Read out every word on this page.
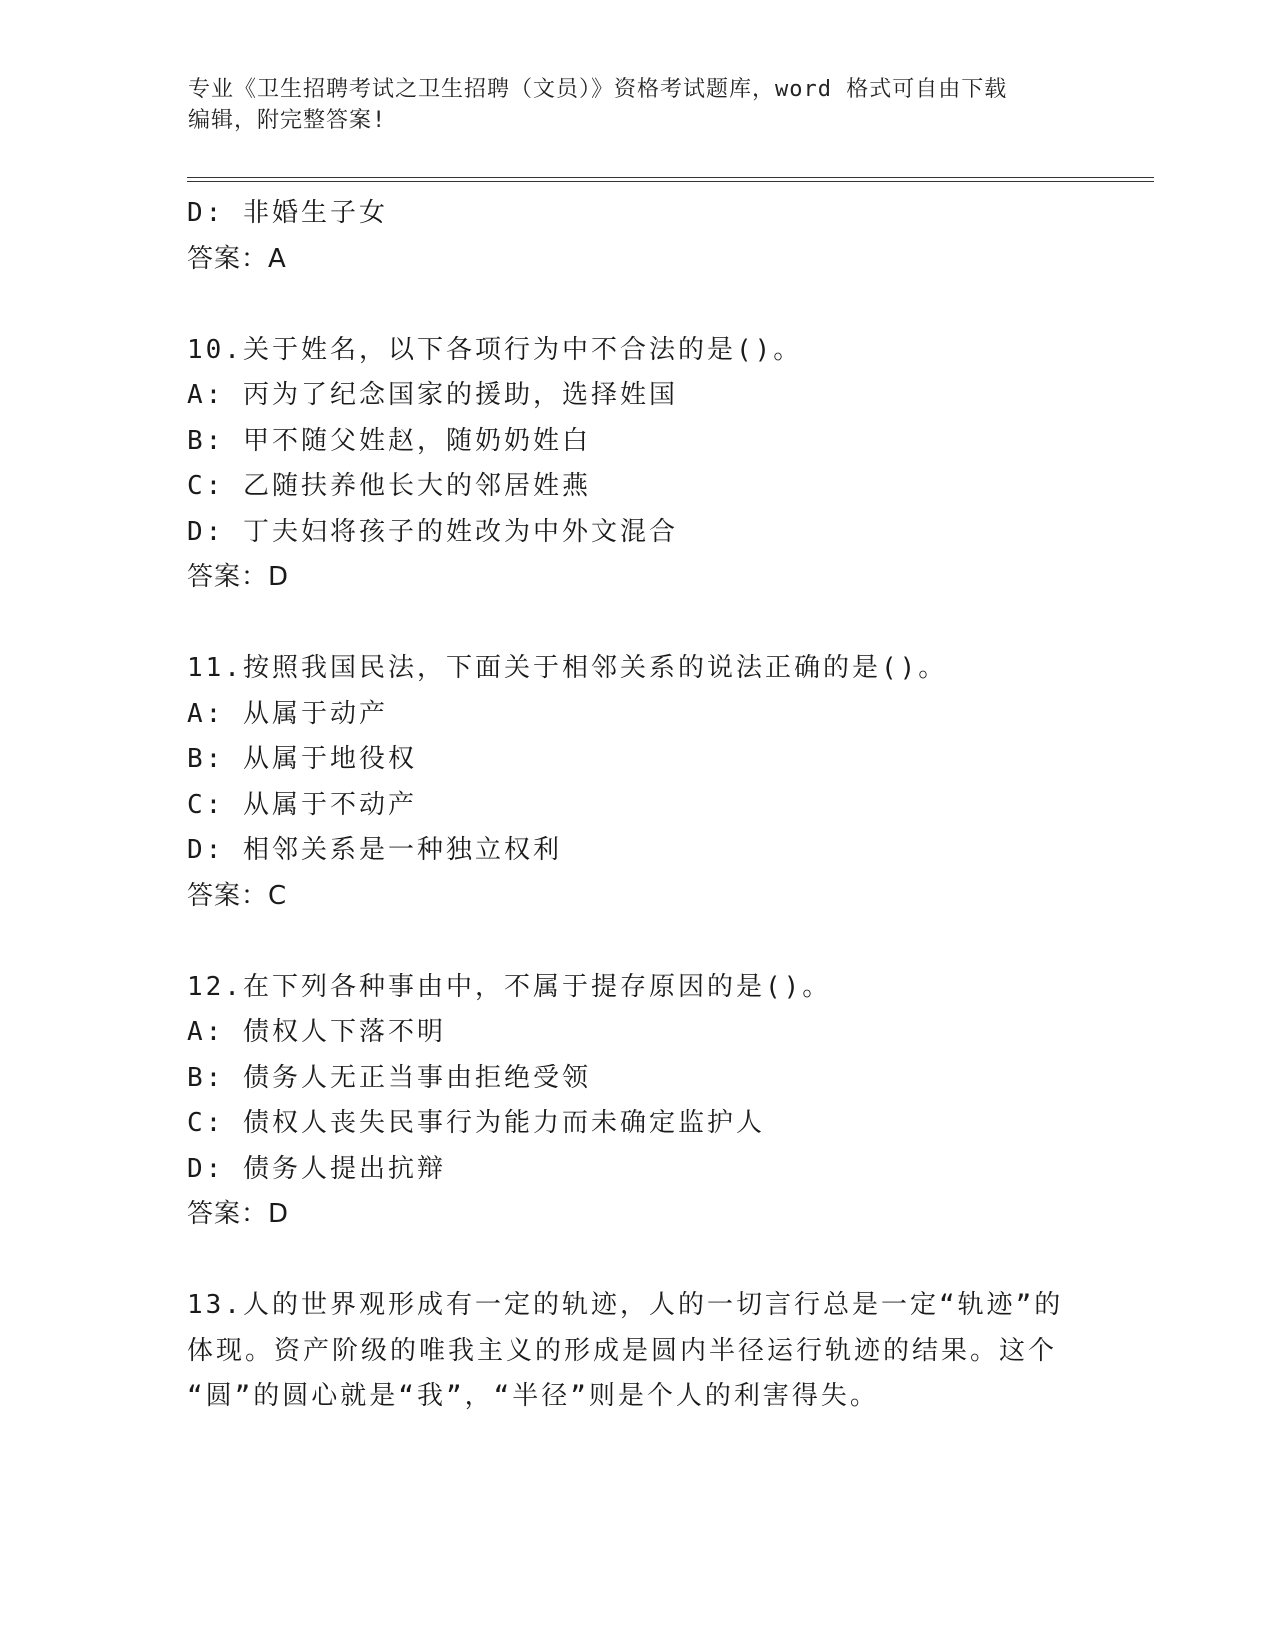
专业《卫生招聘考试之卫生招聘（文员）》资格考试题库，word 格式可自由下载
编辑，附完整答案!
D: 非婚生子女
答案：A
10.关于姓名，以下各项行为中不合法的是()。
A: 丙为了纪念国家的援助，选择姓国
B: 甲不随父姓赵，随奶奶姓白
C: 乙随扶养他长大的邻居姓燕
D: 丁夫妇将孩子的姓改为中外文混合
答案：D
11.按照我国民法，下面关于相邻关系的说法正确的是()。
A: 从属于动产
B: 从属于地役权
C: 从属于不动产
D: 相邻关系是一种独立权利
答案：C
12.在下列各种事由中，不属于提存原因的是()。
A: 债权人下落不明
B: 债务人无正当事由拒绝受领
C: 债权人丧失民事行为能力而未确定监护人
D: 债务人提出抗辩
答案：D
13.人的世界观形成有一定的轨迹，人的一切言行总是一定“轨迹”的
体现。资产阶级的唯我主义的形成是圆内半径运行轨迹的结果。这个
“圆”的圆心就是“我”，“半径”则是个人的利害得失。
